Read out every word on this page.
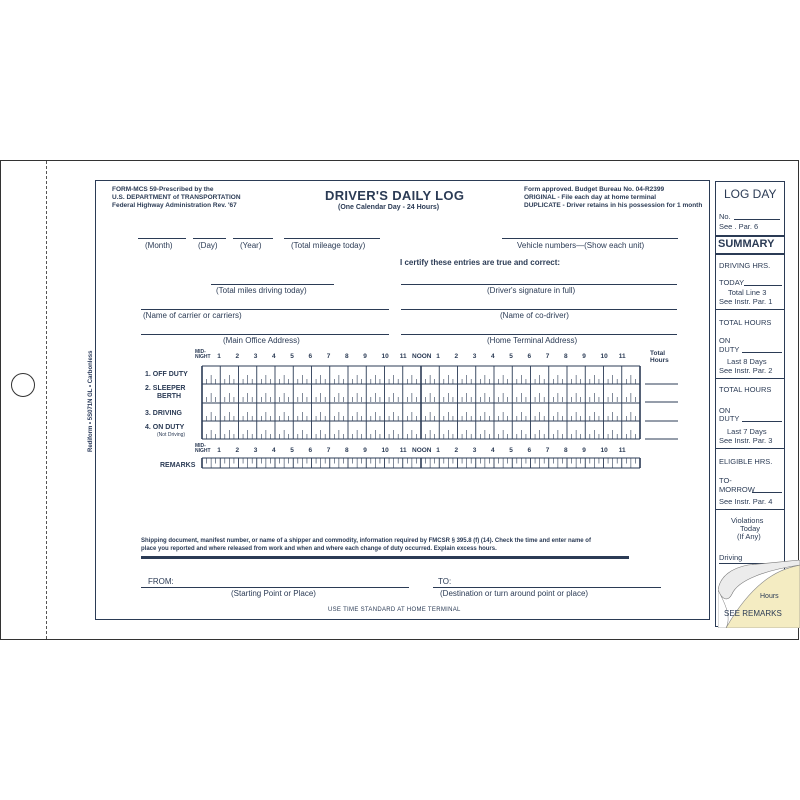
Rediform • 5S071N GL • Carbonless
FORM-MCS 59-Prescribed by the
U.S. DEPARTMENT of TRANSPORTATION
Federal Highway Administration Rev. '67
DRIVER'S DAILY LOG
(One Calendar Day - 24 Hours)
Form approved. Budget Bureau No. 04-R2399
ORIGINAL - File each day at home terminal
DUPLICATE - Driver retains in his possession for 1 month
(Month)	(Day)	(Year)	(Total mileage today)	Vehicle numbers—(Show each unit)
I certify these entries are true and correct:
(Total miles driving today)	(Driver's signature in full)
(Name of carrier or carriers)	(Name of co-driver)
(Main Office Address)	(Home Terminal Address)
MID-
NIGHT	NOON
MID-
NIGHT	NOON
Total
Hours
1 2 3 4 5 6 7 8 9 10 11	1 2 3 4 5 6 7 8 9 10 11
1 2 3 4 5 6 7 8 9 10 11	1 2 3 4 5 6 7 8 9 10 11
1. OFF DUTY
2. SLEEPER
BERTH
3. DRIVING
4. ON DUTY
(Not Driving)
REMARKS
Shipping document, manifest number, or name of a shipper and commodity, information required by FMCSR § 395.8 (f) (14). Check the time and enter name of
place you reported and where released from work and when and where each change of duty occurred. Explain excess hours.
FROM:
(Starting Point or Place)
TO:
(Destination or turn around point or place)
USE TIME STANDARD AT HOME TERMINAL
LOG DAY
No.
See . Par. 6
SUMMARY
DRIVING HRS.
TODAY
Total Line 3
See Instr. Par. 1
TOTAL HOURS
ON
DUTY
Last 8 Days
See Instr. Par. 2
TOTAL HOURS
ON
DUTY
Last 7 Days
See Instr. Par. 3
ELIGIBLE HRS.
TO-
MORROW
See Instr. Par. 4
Violations
Today
(If Any)
Driving
Hours
SEE REMARKS
